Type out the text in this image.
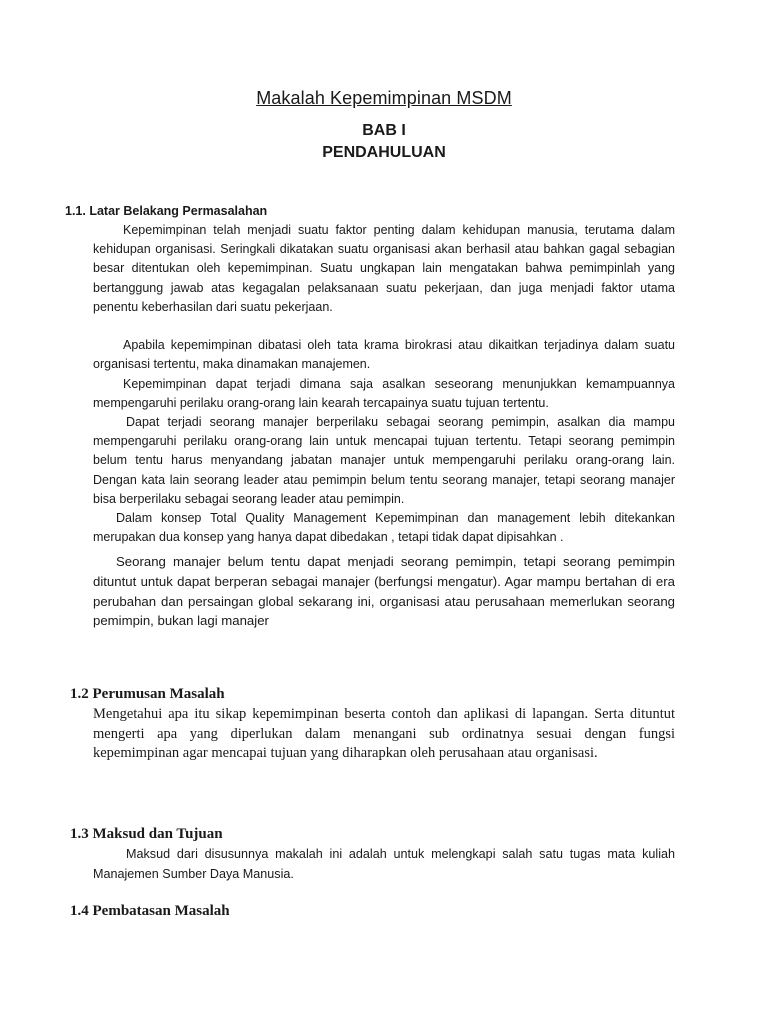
Makalah Kepemimpinan MSDM
BAB I
PENDAHULUAN
1.1. Latar Belakang Permasalahan

Kepemimpinan telah menjadi suatu faktor penting dalam kehidupan manusia, terutama dalam kehidupan organisasi. Seringkali dikatakan suatu organisasi akan berhasil atau bahkan gagal sebagian besar ditentukan oleh kepemimpinan. Suatu ungkapan lain mengatakan bahwa pemimpinlah yang bertanggung jawab atas kegagalan pelaksanaan suatu pekerjaan, dan juga menjadi faktor utama penentu keberhasilan dari suatu pekerjaan.

Apabila kepemimpinan dibatasi oleh tata krama birokrasi atau dikaitkan terjadinya dalam suatu organisasi tertentu, maka dinamakan manajemen.

Kepemimpinan dapat terjadi dimana saja asalkan seseorang menunjukkan kemampuannya mempengaruhi perilaku orang-orang lain kearah tercapainya suatu tujuan tertentu.

Dapat terjadi seorang manajer berperilaku sebagai seorang pemimpin, asalkan dia mampu mempengaruhi perilaku orang-orang lain untuk mencapai tujuan tertentu. Tetapi seorang pemimpin belum tentu harus menyandang jabatan manajer untuk mempengaruhi perilaku orang-orang lain. Dengan kata lain seorang leader atau pemimpin belum tentu seorang manajer, tetapi seorang manajer bisa berperilaku sebagai seorang leader atau pemimpin.

Dalam konsep Total Quality Management Kepemimpinan dan management lebih ditekankan merupakan dua konsep yang hanya dapat dibedakan , tetapi tidak dapat dipisahkan .

Seorang manajer belum tentu dapat menjadi seorang pemimpin, tetapi seorang pemimpin dituntut untuk dapat berperan sebagai manajer (berfungsi mengatur). Agar mampu bertahan di era perubahan dan persaingan global sekarang ini, organisasi atau perusahaan memerlukan seorang pemimpin, bukan lagi manajer

1.2 Perumusan Masalah

Mengetahui apa itu sikap kepemimpinan beserta contoh dan aplikasi di lapangan. Serta dituntut mengerti apa yang diperlukan dalam menangani sub ordinatnya sesuai dengan fungsi kepemimpinan agar mencapai tujuan yang diharapkan oleh perusahaan atau organisasi.

1.3 Maksud dan Tujuan

Maksud dari disusunnya makalah ini adalah untuk melengkapi salah satu tugas mata kuliah Manajemen Sumber Daya Manusia.

1.4 Pembatasan Masalah
